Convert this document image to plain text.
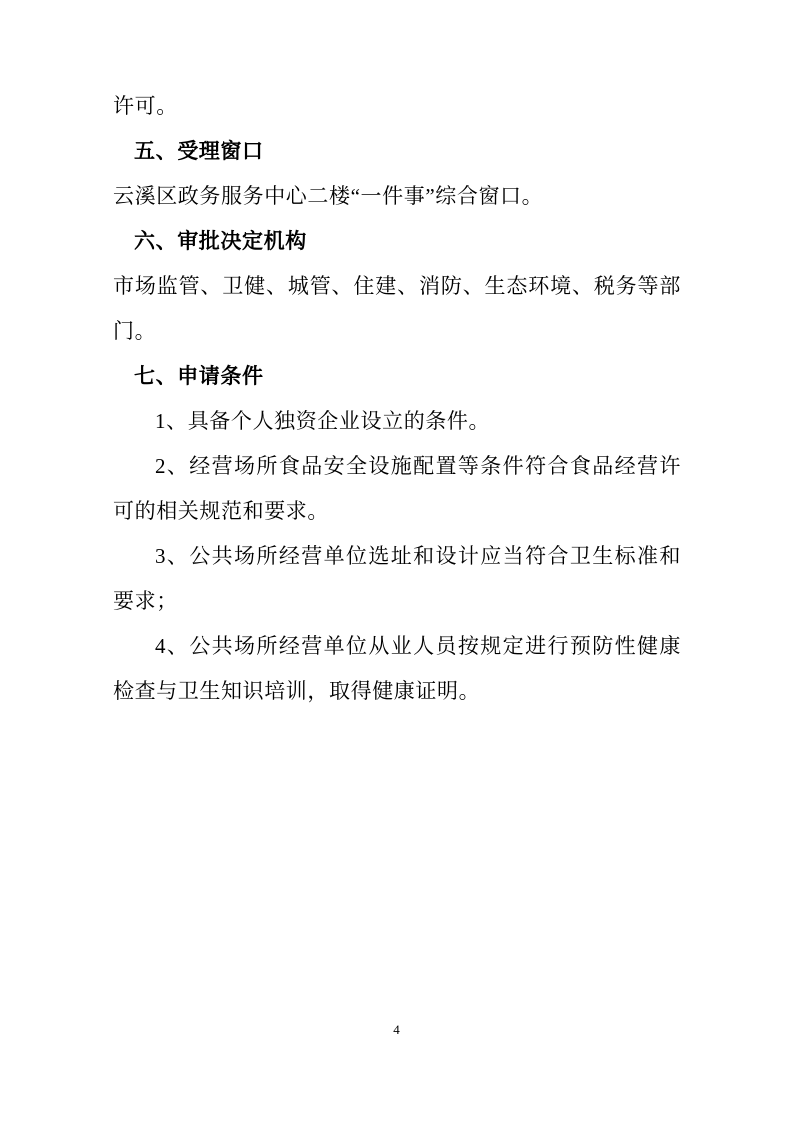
许可。

五、受理窗口

云溪区政务服务中心二楼“一件事”综合窗口。

六、审批决定机构

市场监管、卫健、城管、住建、消防、生态环境、税务等部门。

七、申请条件

1、具备个人独资企业设立的条件。

2、经营场所食品安全设施配置等条件符合食品经营许可的相关规范和要求。

3、公共场所经营单位选址和设计应当符合卫生标准和要求；

4、公共场所经营单位从业人员按规定进行预防性健康检查与卫生知识培训，取得健康证明。

4
